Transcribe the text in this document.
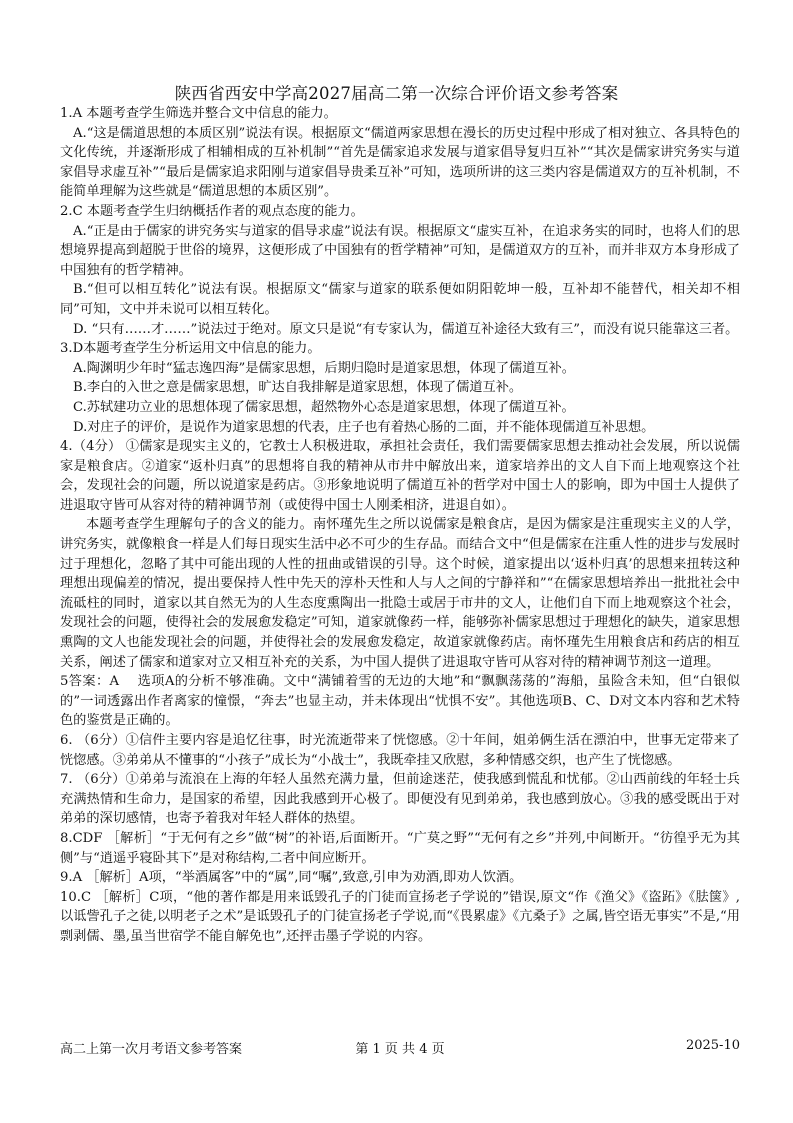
陕西省西安中学高2027届高二第一次综合评价语文参考答案

1.A 本题考查学生筛选并整合文中信息的能力。

A.“这是儒道思想的本质区别”说法有误。根据原文“儒道两家思想在漫长的历史过程中形成了相对独立、各具特色的文化传统，并逐渐形成了相辅相成的互补机制”“首先是儒家追求发展与道家倡导复归互补”“其次是儒家讲究务实与道家倡导求虚互补”“最后是儒家追求阳刚与道家倡导贵柔互补”可知，选项所讲的这三类内容是儒道双方的互补机制，不能简单理解为这些就是“儒道思想的本质区别”。

2.C 本题考查学生归纳概括作者的观点态度的能力。

A.“正是由于儒家的讲究务实与道家的倡导求虚”说法有误。根据原文“虚实互补，在追求务实的同时，也将人们的思想境界提高到超脱于世俗的境界，这便形成了中国独有的哲学精神”可知，是儒道双方的互补，而并非双方本身形成了中国独有的哲学精神。

B.“但可以相互转化”说法有误。根据原文“儒家与道家的联系便如阴阳乾坤一般，互补却不能替代，相关却不相同”可知，文中并未说可以相互转化。

D. “只有……才……”说法过于绝对。原文只是说“有专家认为，儒道互补途径大致有三”，而没有说只能靠这三者。

3.D本题考查学生分析运用文中信息的能力。

A.陶渊明少年时“猛志逸四海”是儒家思想，后期归隐时是道家思想，体现了儒道互补。

B.李白的入世之意是儒家思想，旷达自我排解是道家思想，体现了儒道互补。

C.苏轼建功立业的思想体现了儒家思想，超然物外心态是道家思想，体现了儒道互补。

D.对庄子的评价，是说作为道家思想的代表，庄子也有着热心肠的二面，并不能体现儒道互补思想。

4.（4分） ①儒家是现实主义的，它教士人积极进取，承担社会责任，我们需要儒家思想去推动社会发展，所以说儒家是粮食店。②道家“返朴归真”的思想将自我的精神从市井中解放出来，道家培养出的文人自下而上地观察这个社会，发现社会的问题，所以说道家是药店。③形象地说明了儒道互补的哲学对中国士人的影响，即为中国士人提供了进退取守皆可从容对待的精神调节剂（或使得中国士人刚柔相济，进退自如）。

本题考查学生理解句子的含义的能力。南怀瑾先生之所以说儒家是粮食店，是因为儒家是注重现实主义的人学，讲究务实，就像粮食一样是人们每日现实生活中必不可少的生存品。而结合文中“但是儒家在注重人性的进步与发展时过于理想化，忽略了其中可能出现的人性的扭曲或错误的引导。这个时候，道家提出以‘返朴归真’的思想来扭转这种理想出现偏差的情况，提出要保持人性中先天的淳朴天性和人与人之间的宁静祥和”“在儒家思想培养出一批批社会中流砥柱的同时，道家以其自然无为的人生态度熏陶出一批隐士或居于市井的文人，让他们自下而上地观察这个社会，发现社会的问题，使得社会的发展愈发稳定”可知，道家就像药一样，能够弥补儒家思想过于理想化的缺失，道家思想熏陶的文人也能发现社会的问题，并使得社会的发展愈发稳定，故道家就像药店。南怀瑾先生用粮食店和药店的相互关系，阐述了儒家和道家对立又相互补充的关系，为中国人提供了进退取守皆可从容对待的精神调节剂这一道理。

5答案：A　 选项A的分析不够准确。文中“满铺着雪的无边的大地”和“飘飘荡荡的”海船，虽险含未知，但“白银似的”一词透露出作者离家的憧憬，“奔去”也显主动，并未体现出“忧惧不安”。其他选项B、C、D对文本内容和艺术特色的鉴赏是正确的。

6. （6分）①信件主要内容是追忆往事，时光流逝带来了恍惚感。②十年间，姐弟俩生活在漂泊中，世事无定带来了恍惚感。③弟弟从不懂事的“小孩子”成长为“小战士”，我既牵挂又欣慰，多种情感交织，也产生了恍惚感。

7. （6分）①弟弟与流浪在上海的年轻人虽然充满力量，但前途迷茫，使我感到慌乱和忧郁。②山西前线的年轻士兵充满热情和生命力，是国家的希望，因此我感到开心极了。即便没有见到弟弟，我也感到放心。③我的感受既出于对弟弟的深切感情，也寄予着我对年轻人群体的热望。

8.CDF ［解析］“于无何有之乡”做“树”的补语,后面断开。“广莫之野”“无何有之乡”并列,中间断开。“彷徨乎无为其侧”与“逍遥乎寝卧其下”是对称结构,二者中间应断开。

9.A ［解析］A项，“举酒属客”中的“属”,同“嘱”,致意,引申为劝酒,即劝人饮酒。

10.C ［解析］C项，“他的著作都是用来诋毁孔子的门徒而宣扬老子学说的”错误,原文“作《渔父》《盗跖》《胠箧》,以诋訾孔子之徒,以明老子之术”是诋毁孔子的门徒宣扬老子学说,而“《畏累虚》《亢桑子》之属,皆空语无事实”不是,“用剽剥儒、墨,虽当世宿学不能自解免也”,还抨击墨子学说的内容。

高二上第一次月考语文参考答案	第 1 页 共 4 页	2025-10
